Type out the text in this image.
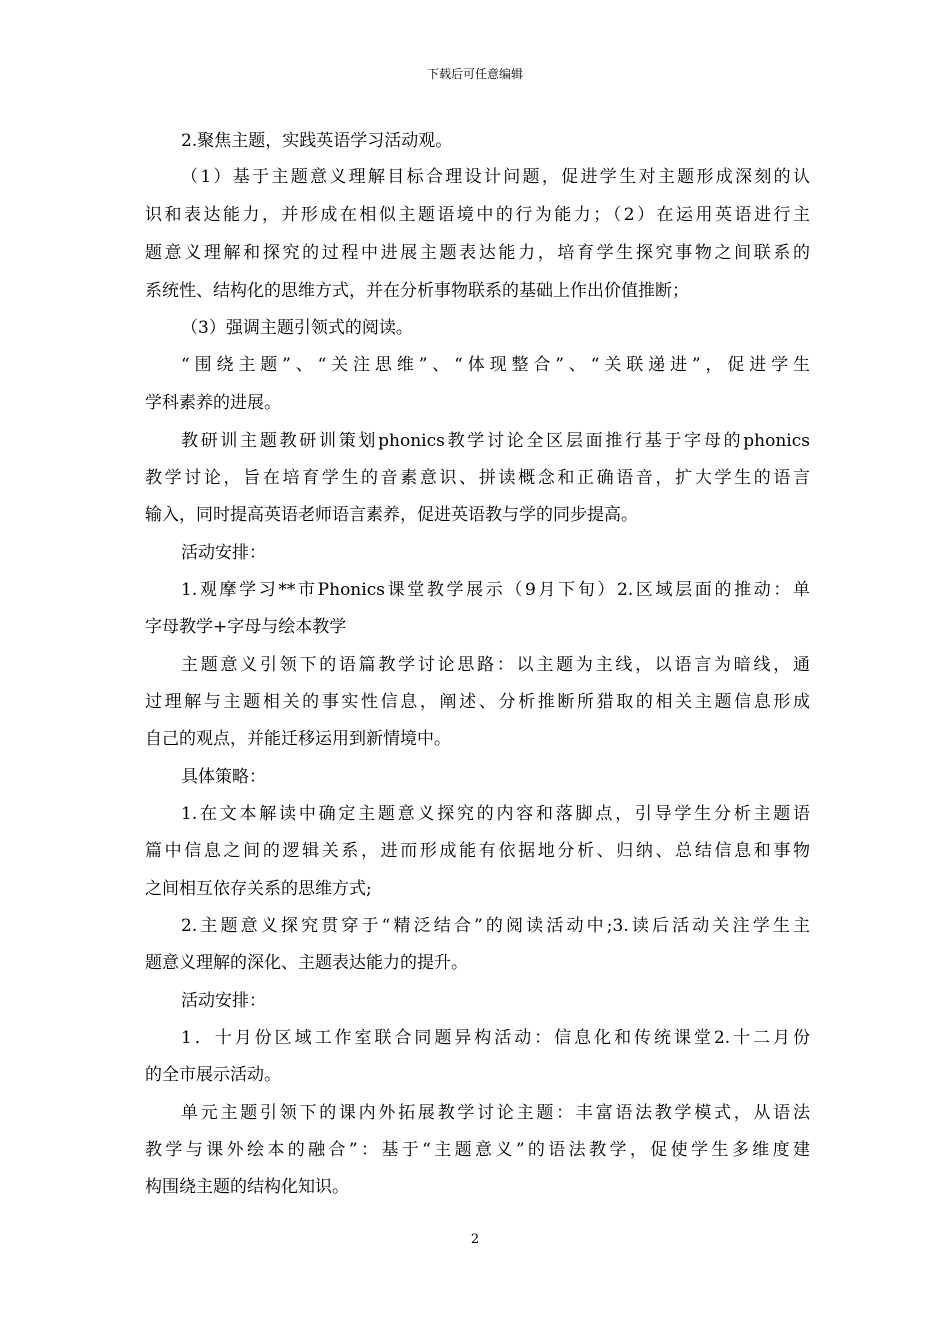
下载后可任意编辑
2.聚焦主题，实践英语学习活动观。
（1）基于主题意义理解目标合理设计问题，促进学生对主题形成深刻的认
识和表达能力，并形成在相似主题语境中的行为能力；（2）在运用英语进行主
题意义理解和探究的过程中进展主题表达能力，培育学生探究事物之间联系的
系统性、结构化的思维方式，并在分析事物联系的基础上作出价值推断；
（3）强调主题引领式的阅读。
“围绕主题”、“关注思维”、“体现整合”、“关联递进”，促进学生
学科素养的进展。
教研训主题教研训策划phonics教学讨论全区层面推行基于字母的phonics
教学讨论，旨在培育学生的音素意识、拼读概念和正确语音，扩大学生的语言
输入，同时提高英语老师语言素养，促进英语教与学的同步提高。
活动安排：
1.观摩学习**市Phonics课堂教学展示（9月下旬）2.区域层面的推动：单
字母教学+字母与绘本教学
主题意义引领下的语篇教学讨论思路：以主题为主线，以语言为暗线，通
过理解与主题相关的事实性信息，阐述、分析推断所猎取的相关主题信息形成
自己的观点，并能迁移运用到新情境中。
具体策略：
1.在文本解读中确定主题意义探究的内容和落脚点，引导学生分析主题语
篇中信息之间的逻辑关系，进而形成能有依据地分析、归纳、总结信息和事物
之间相互依存关系的思维方式;
2.主题意义探究贯穿于“精泛结合”的阅读活动中;3.读后活动关注学生主
题意义理解的深化、主题表达能力的提升。
活动安排：
1．十月份区域工作室联合同题异构活动：信息化和传统课堂2.十二月份
的全市展示活动。
单元主题引领下的课内外拓展教学讨论主题：丰富语法教学模式，从语法
教学与课外绘本的融合”：基于“主题意义”的语法教学，促使学生多维度建
构围绕主题的结构化知识。
2
